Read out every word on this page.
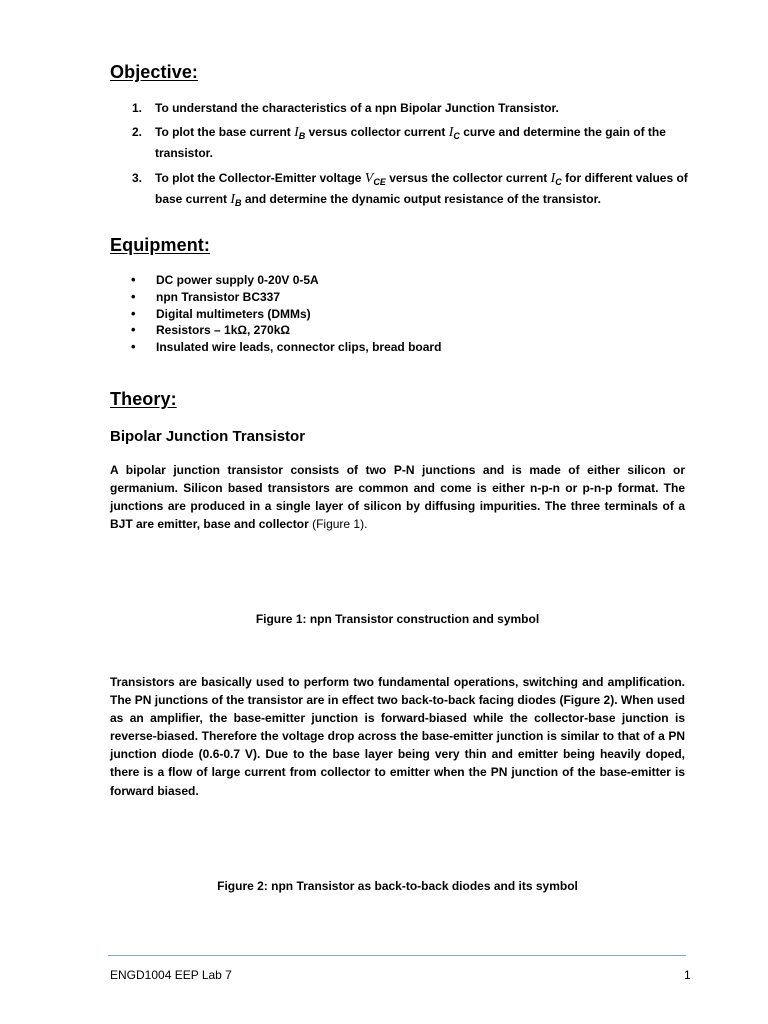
Objective:
1. To understand the characteristics of a npn Bipolar Junction Transistor.
2. To plot the base current $I_B$ versus collector current $I_C$ curve and determine the gain of the transistor.
3. To plot the Collector-Emitter voltage $V_{CE}$ versus the collector current $I_C$ for different values of base current $I_B$ and determine the dynamic output resistance of the transistor.
Equipment:
• DC power supply 0-20V 0-5A
• npn Transistor BC337
• Digital multimeters (DMMs)
• Resistors – 1kΩ, 270kΩ
• Insulated wire leads, connector clips, bread board
Theory:
Bipolar Junction Transistor

A bipolar junction transistor consists of two P-N junctions and is made of either silicon or germanium. Silicon based transistors are common and come is either n-p-n or p-n-p format. The junctions are produced in a single layer of silicon by diffusing impurities. The three terminals of a BJT are emitter, base and collector (Figure 1).

Figure 1: npn Transistor construction and symbol

Transistors are basically used to perform two fundamental operations, switching and amplification. The PN junctions of the transistor are in effect two back-to-back facing diodes (Figure 2). When used as an amplifier, the base-emitter junction is forward-biased while the collector-base junction is reverse-biased. Therefore the voltage drop across the base-emitter junction is similar to that of a PN junction diode (0.6-0.7 V). Due to the base layer being very thin and emitter being heavily doped, there is a flow of large current from collector to emitter when the PN junction of the base-emitter is forward biased.

Figure 2: npn Transistor as back-to-back diodes and its symbol
ENGD1004 EEP Lab 7	1
